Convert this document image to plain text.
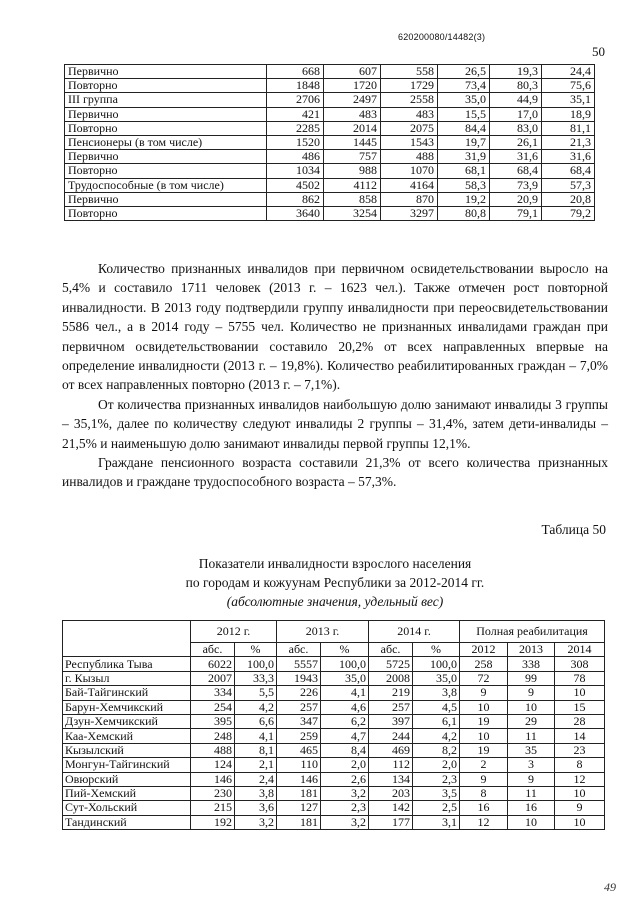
620200080/14482(3)
50
Первично	668	607	558	26,5	19,3	24,4
Повторно	1848	1720	1729	73,4	80,3	75,6
III группа	2706	2497	2558	35,0	44,9	35,1
Первично	421	483	483	15,5	17,0	18,9
Повторно	2285	2014	2075	84,4	83,0	81,1
Пенсионеры (в том числе)	1520	1445	1543	19,7	26,1	21,3
Первично	486	757	488	31,9	31,6	31,6
Повторно	1034	988	1070	68,1	68,4	68,4
Трудоспособные (в том числе)	4502	4112	4164	58,3	73,9	57,3
Первично	862	858	870	19,2	20,9	20,8
Повторно	3640	3254	3297	80,8	79,1	79,2

Количество признанных инвалидов при первичном освидетельствовании выросло на 5,4% и составило 1711 человек (2013 г. – 1623 чел.). Также отмечен рост повторной инвалидности. В 2013 году подтвердили группу инвалидности при переосвидетельствовании 5586 чел., а в 2014 году – 5755 чел. Количество не признанных инвалидами граждан при первичном освидетельствовании составило 20,2% от всех направленных впервые на определение инвалидности (2013 г. – 19,8%). Количество реабилитированных граждан – 7,0% от всех направленных повторно (2013 г. – 7,1%).

От количества признанных инвалидов наибольшую долю занимают инвалиды 3 группы – 35,1%, далее по количеству следуют инвалиды 2 группы – 31,4%, затем дети-инвалиды – 21,5% и наименьшую долю занимают инвалиды первой группы 12,1%.

Граждане пенсионного возраста составили 21,3% от всего количества признанных инвалидов и граждане трудоспособного возраста – 57,3%.

Таблица 50
Показатели инвалидности взрослого населения
по городам и кожуунам Республики за 2012-2014 гг.
(абсолютные значения, удельный вес)
	2012 г.		2013 г.		2014 г.		Полная реабилитация		
	абс.	%	абс.	%	абс.	%	2012	2013	2014
Республика Тыва	6022	100,0	5557	100,0	5725	100,0	258	338	308
г. Кызыл	2007	33,3	1943	35,0	2008	35,0	72	99	78
Бай-Тайгинский	334	5,5	226	4,1	219	3,8	9	9	10
Барун-Хемчикский	254	4,2	257	4,6	257	4,5	10	10	15
Дзун-Хемчикский	395	6,6	347	6,2	397	6,1	19	29	28
Каа-Хемский	248	4,1	259	4,7	244	4,2	10	11	14
Кызылский	488	8,1	465	8,4	469	8,2	19	35	23
Монгун-Тайгинский	124	2,1	110	2,0	112	2,0	2	3	8
Овюрский	146	2,4	146	2,6	134	2,3	9	9	12
Пий-Хемский	230	3,8	181	3,2	203	3,5	8	11	10
Сут-Хольский	215	3,6	127	2,3	142	2,5	16	16	9
Тандинский	192	3,2	181	3,2	177	3,1	12	10	10
49
